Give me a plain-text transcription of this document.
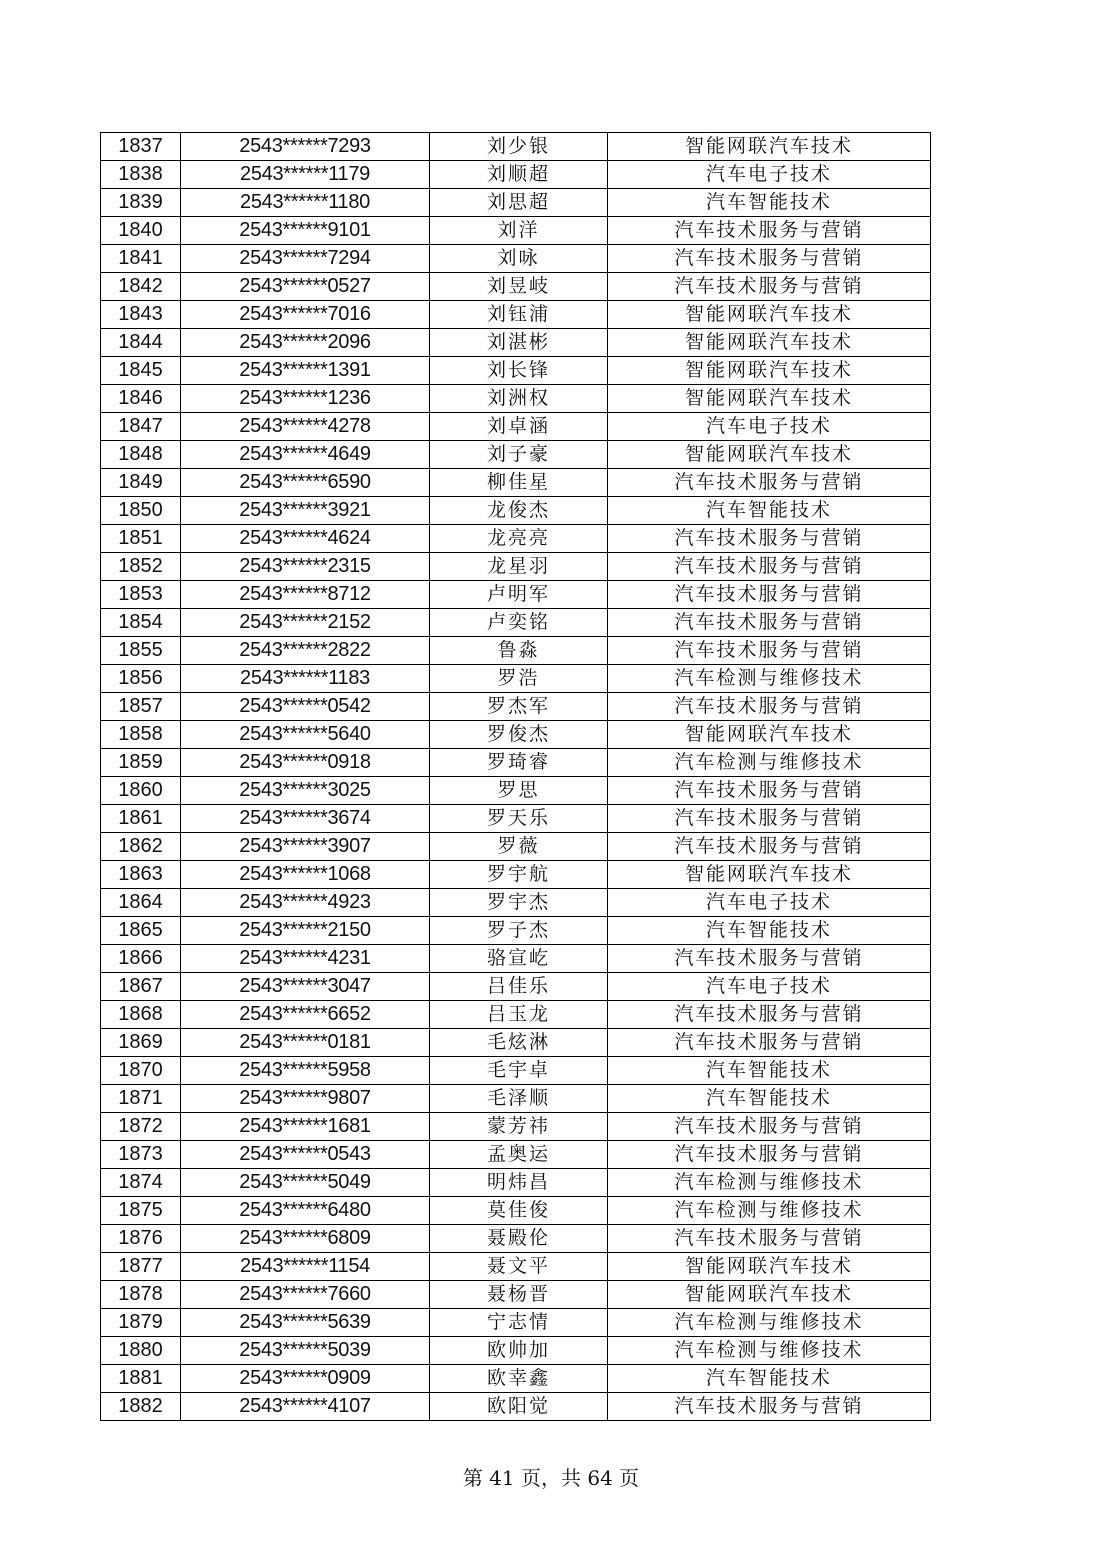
1837	2543******7293	刘少银	智能网联汽车技术
1838	2543******1179	刘顺超	汽车电子技术
1839	2543******1180	刘思超	汽车智能技术
1840	2543******9101	刘洋	汽车技术服务与营销
1841	2543******7294	刘咏	汽车技术服务与营销
1842	2543******0527	刘昱岐	汽车技术服务与营销
1843	2543******7016	刘钰浦	智能网联汽车技术
1844	2543******2096	刘湛彬	智能网联汽车技术
1845	2543******1391	刘长锋	智能网联汽车技术
1846	2543******1236	刘洲权	智能网联汽车技术
1847	2543******4278	刘卓涵	汽车电子技术
1848	2543******4649	刘子豪	智能网联汽车技术
1849	2543******6590	柳佳星	汽车技术服务与营销
1850	2543******3921	龙俊杰	汽车智能技术
1851	2543******4624	龙亮亮	汽车技术服务与营销
1852	2543******2315	龙星羽	汽车技术服务与营销
1853	2543******8712	卢明军	汽车技术服务与营销
1854	2543******2152	卢奕铭	汽车技术服务与营销
1855	2543******2822	鲁淼	汽车技术服务与营销
1856	2543******1183	罗浩	汽车检测与维修技术
1857	2543******0542	罗杰军	汽车技术服务与营销
1858	2543******5640	罗俊杰	智能网联汽车技术
1859	2543******0918	罗琦睿	汽车检测与维修技术
1860	2543******3025	罗思	汽车技术服务与营销
1861	2543******3674	罗天乐	汽车技术服务与营销
1862	2543******3907	罗薇	汽车技术服务与营销
1863	2543******1068	罗宇航	智能网联汽车技术
1864	2543******4923	罗宇杰	汽车电子技术
1865	2543******2150	罗子杰	汽车智能技术
1866	2543******4231	骆宣屹	汽车技术服务与营销
1867	2543******3047	吕佳乐	汽车电子技术
1868	2543******6652	吕玉龙	汽车技术服务与营销
1869	2543******0181	毛炫淋	汽车技术服务与营销
1870	2543******5958	毛宇卓	汽车智能技术
1871	2543******9807	毛泽顺	汽车智能技术
1872	2543******1681	蒙芳祎	汽车技术服务与营销
1873	2543******0543	孟奥运	汽车技术服务与营销
1874	2543******5049	明炜昌	汽车检测与维修技术
1875	2543******6480	莫佳俊	汽车检测与维修技术
1876	2543******6809	聂殿伦	汽车技术服务与营销
1877	2543******1154	聂文平	智能网联汽车技术
1878	2543******7660	聂杨晋	智能网联汽车技术
1879	2543******5639	宁志情	汽车检测与维修技术
1880	2543******5039	欧帅加	汽车检测与维修技术
1881	2543******0909	欧幸鑫	汽车智能技术
1882	2543******4107	欧阳觉	汽车技术服务与营销
第 41 页，共 64 页
